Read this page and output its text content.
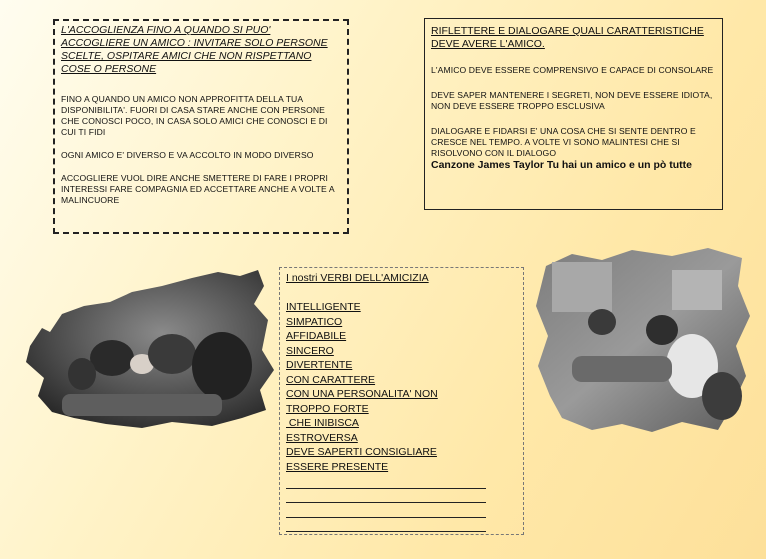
L'ACCOGLIENZA FINO A QUANDO SI PUO' ACCOGLIERE UN AMICO : INVITARE SOLO PERSONE SCELTE, OSPITARE AMICI CHE NON RISPETTANO COSE O PERSONE
FINO A QUANDO UN AMICO NON APPROFITTA DELLA TUA DISPONIBILITA'. FUORI DI CASA STARE ANCHE CON PERSONE CHE CONOSCI POCO, IN CASA SOLO AMICI CHE CONOSCI E DI CUI TI FIDI
OGNI AMICO E' DIVERSO E VA ACCOLTO IN MODO DIVERSO
ACCOGLIERE VUOL DIRE ANCHE SMETTERE DI FARE I PROPRI INTERESSI FARE COMPAGNIA ED ACCETTARE ANCHE A VOLTE A MALINCUORE
RIFLETTERE E DIALOGARE QUALI CARATTERISTICHE DEVE AVERE L'AMICO.
L'AMICO DEVE ESSERE COMPRENSIVO E CAPACE DI CONSOLARE
DEVE SAPER MANTENERE I SEGRETI, NON DEVE ESSERE IDIOTA, NON DEVE ESSERE TROPPO ESCLUSIVA
DIALOGARE E FIDARSI E' UNA COSA CHE SI SENTE DENTRO E CRESCE NEL TEMPO. A VOLTE VI SONO MALINTESI CHE SI RISOLVONO CON IL DIALOGO
Canzone James Taylor Tu hai un amico e un pò tutte
I nostri VERBI DELL'AMICIZIA
INTELLIGENTE
SIMPATICO
AFFIDABILE
SINCERO
DIVERTENTE
CON CARATTERE
CON UNA PERSONALITA' NON
TROPPO FORTE
CHE INIBISCA
ESTROVERSA
DEVE SAPERTI CONSIGLIARE
ESSERE PRESENTE
